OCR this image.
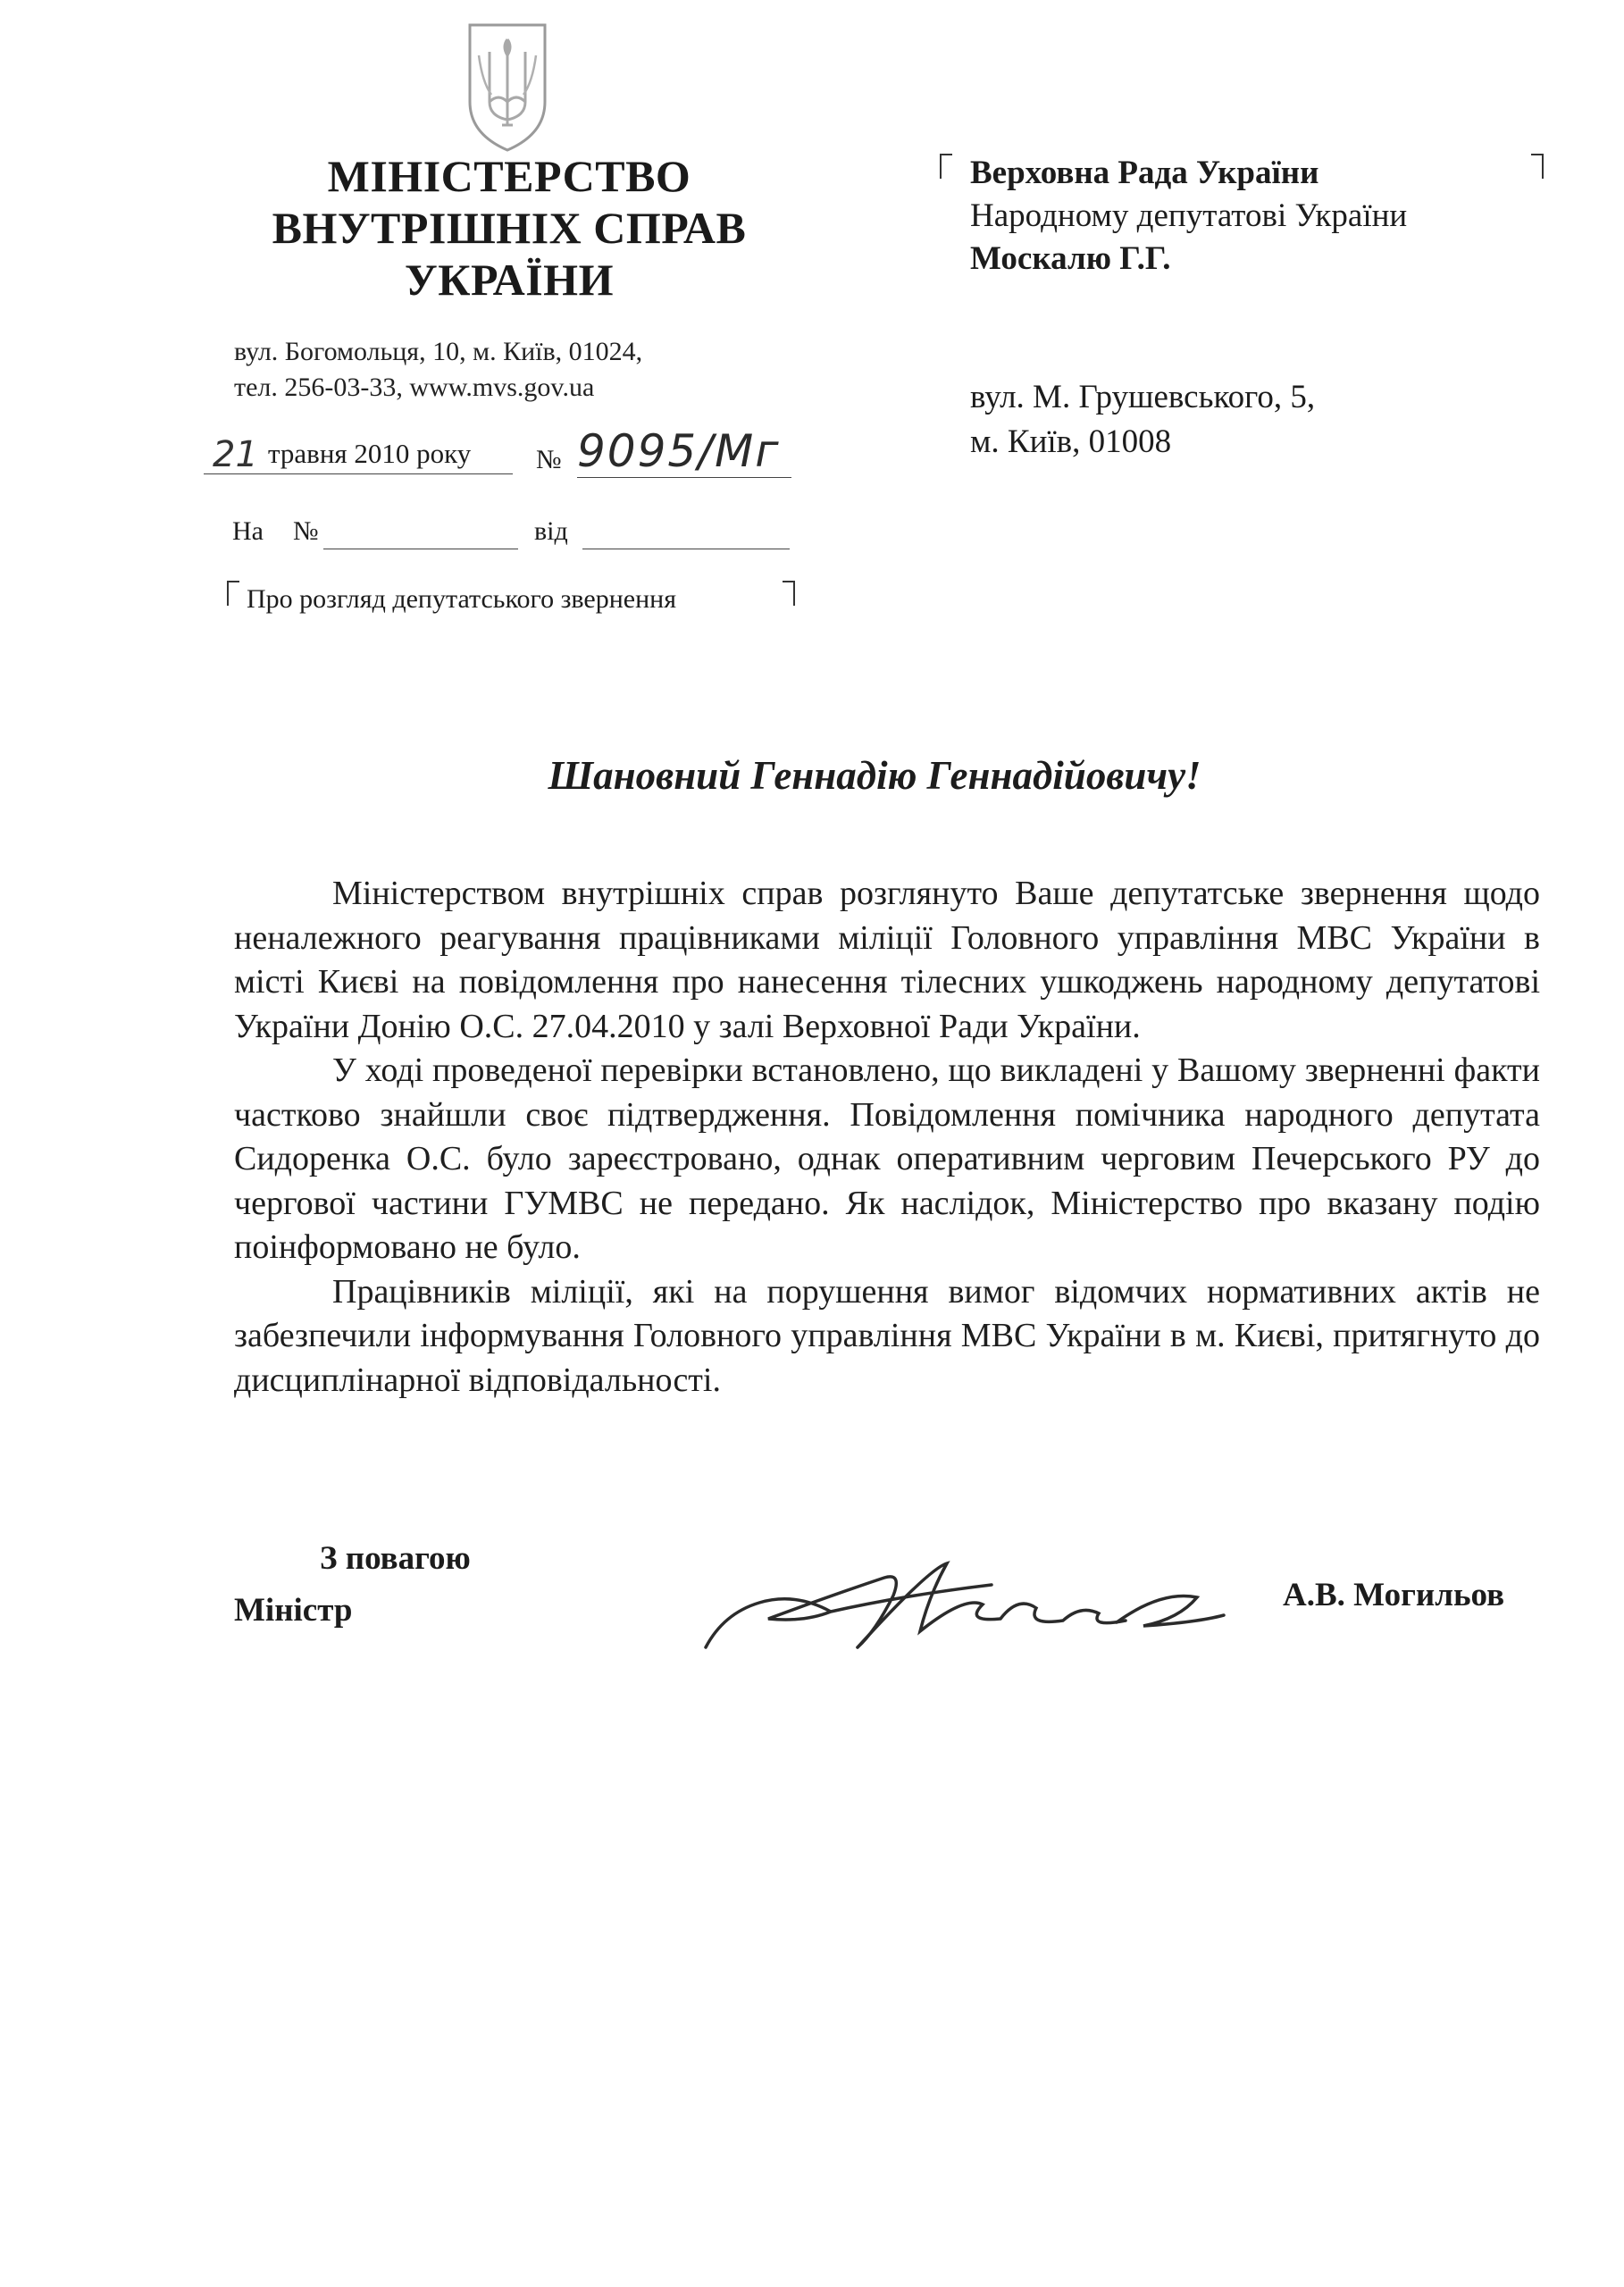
МІНІСТЕРСТВО
ВНУТРІШНІХ СПРАВ
УКРАЇНИ
вул. Богомольця, 10, м. Київ, 01024,
тел. 256-03-33, www.mvs.gov.ua
21 травня 2010 року № 9095/Мг
На №	від
Про розгляд депутатського звернення
Верховна Рада України
Народному депутатові України
Москалю Г.Г.
вул. М. Грушевського, 5,
м. Київ, 01008
Шановний Геннадію Геннадійовичу!

Міністерством внутрішніх справ розглянуто Ваше депутатське звернення щодо неналежного реагування працівниками міліції Головного управління МВС України в місті Києві на повідомлення про нанесення тілесних ушкоджень народному депутатові України Донію О.С. 27.04.2010 у залі Верховної Ради України.

У ході проведеної перевірки встановлено, що викладені у Вашому зверненні факти частково знайшли своє підтвердження. Повідомлення помічника народного депутата Сидоренка О.С. було зареєстровано, однак оперативним черговим Печерського РУ до чергової частини ГУМВС не передано. Як наслідок, Міністерство про вказану подію поінформовано не було.

Працівників міліції, які на порушення вимог відомчих нормативних актів не забезпечили інформування Головного управління МВС України в м. Києві, притягнуто до дисциплінарної відповідальності.

З повагою
Міністр	А.В. Могильов
